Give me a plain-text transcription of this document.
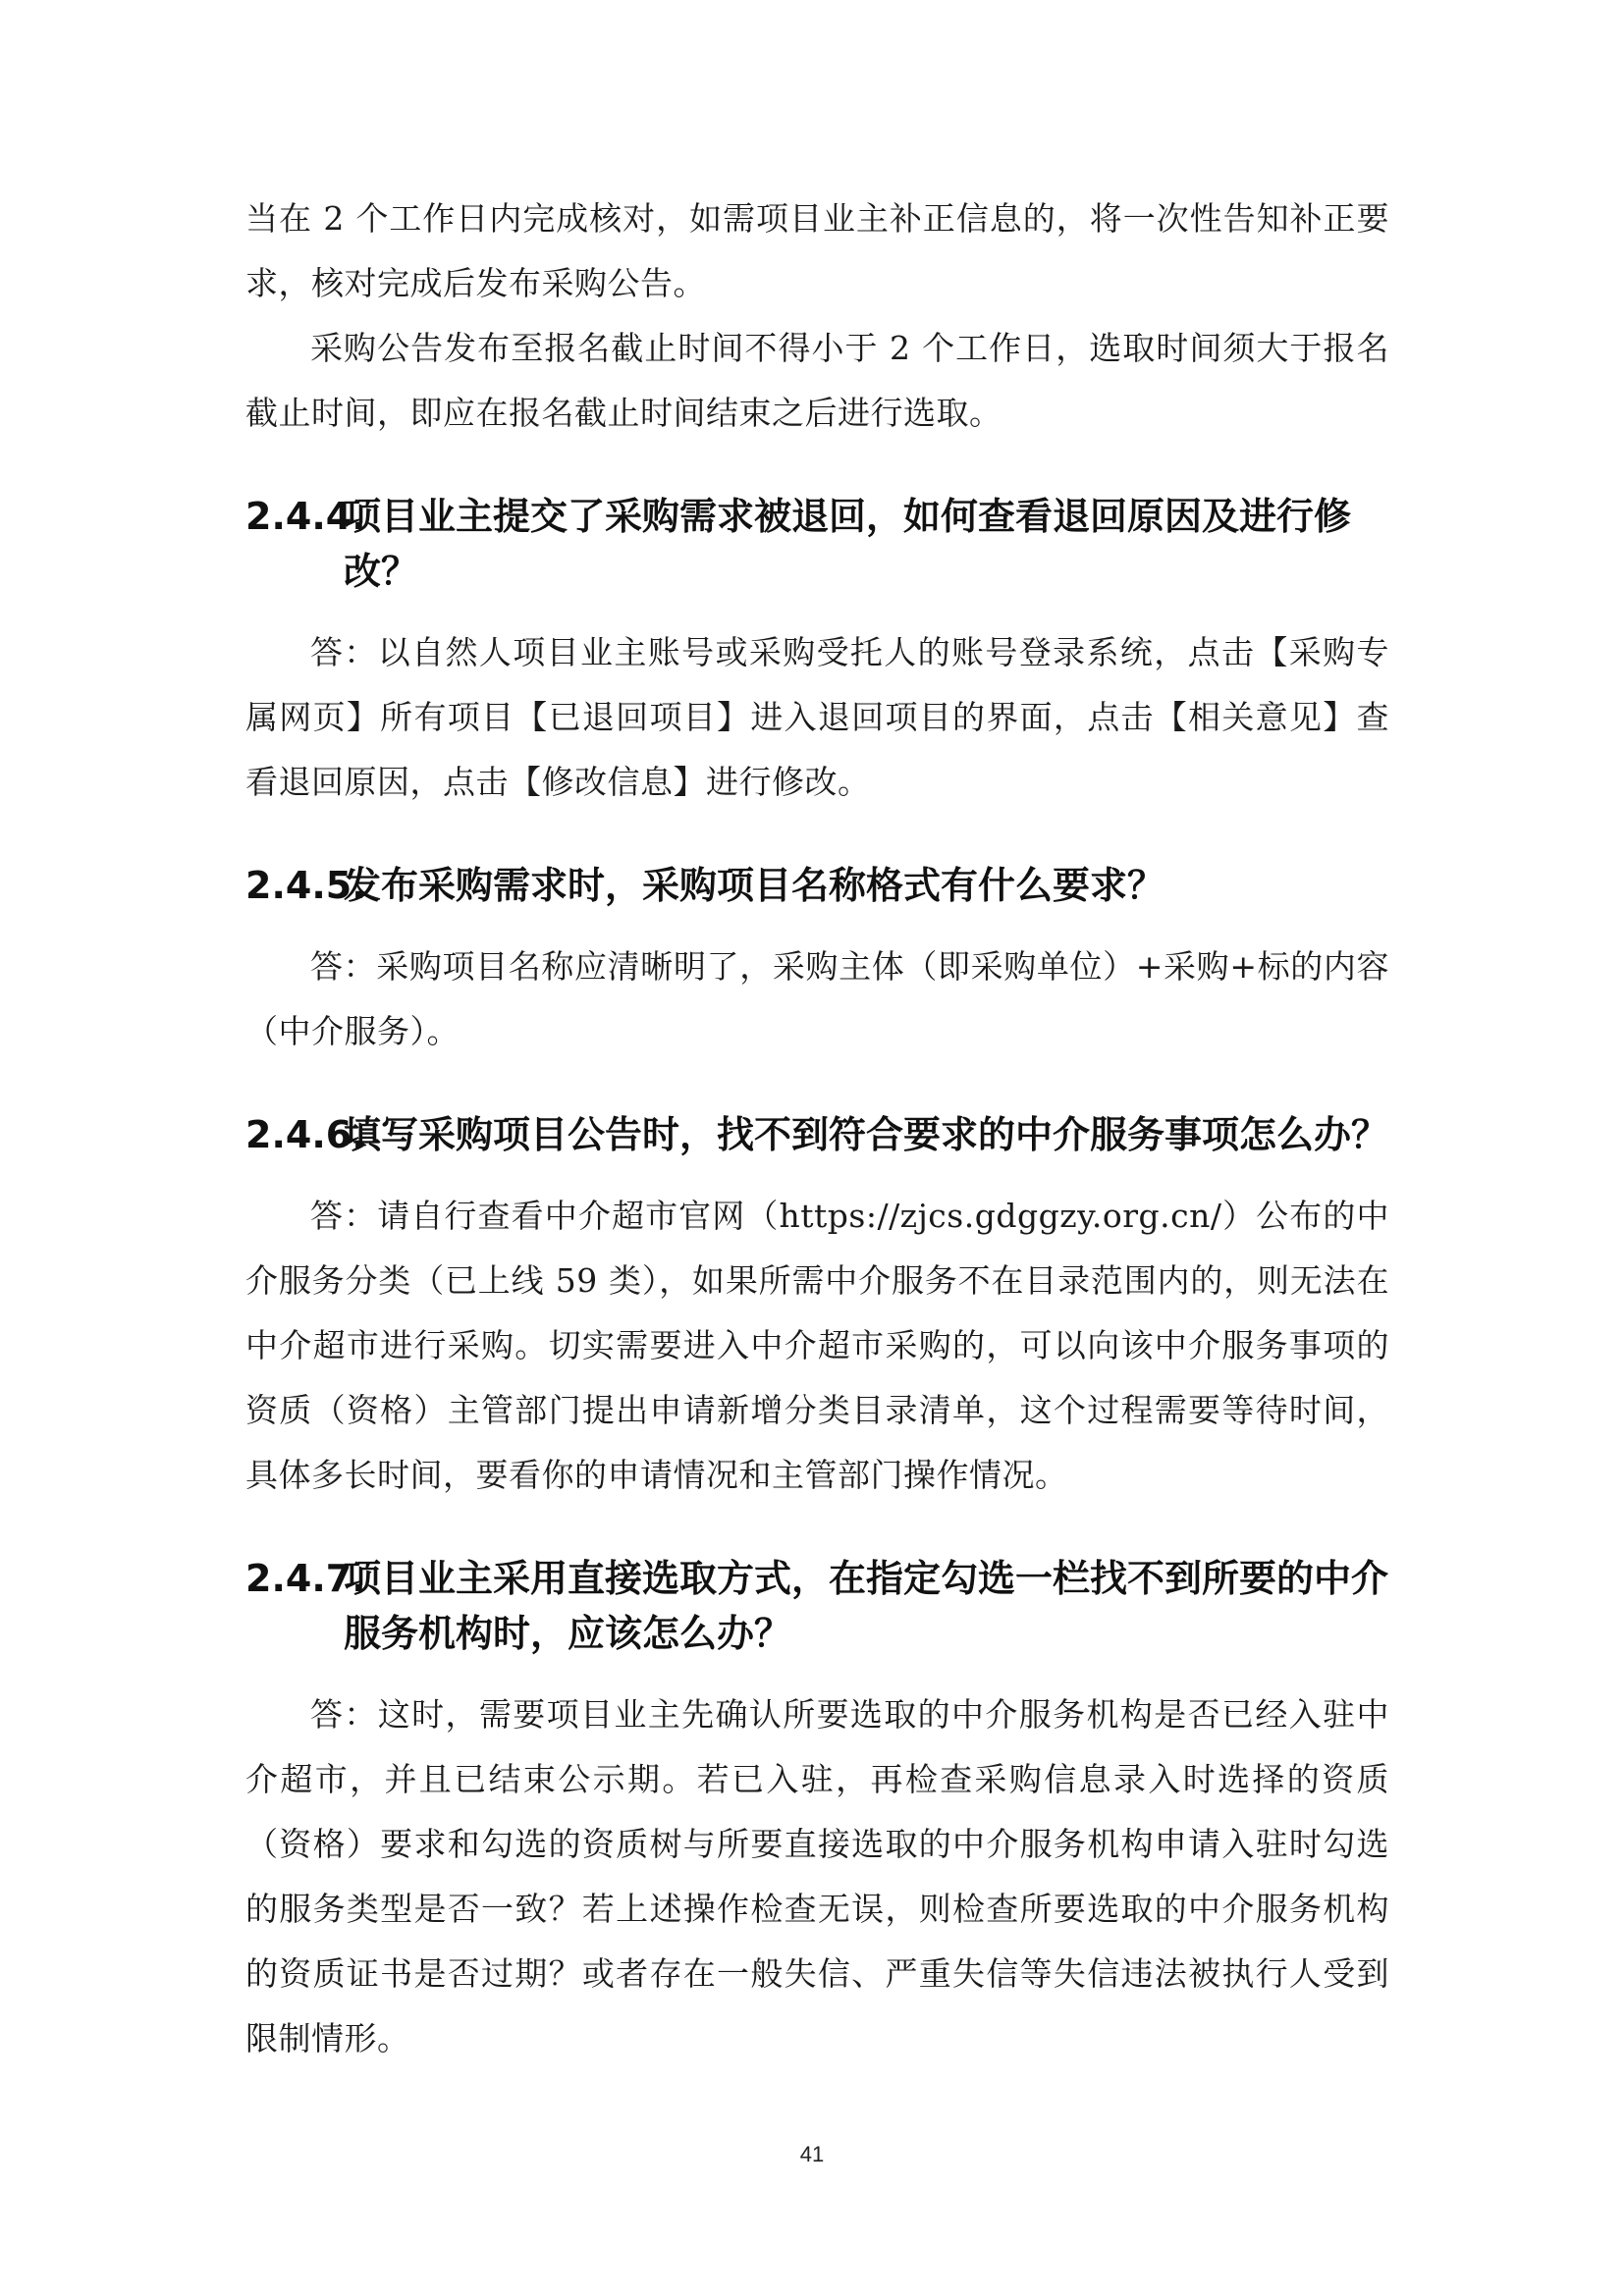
当在 2 个工作日内完成核对，如需项目业主补正信息的，将一次性告知补正要求，核对完成后发布采购公告。

采购公告发布至报名截止时间不得小于 2 个工作日，选取时间须大于报名截止时间，即应在报名截止时间结束之后进行选取。

2.4.4.项目业主提交了采购需求被退回，如何查看退回原因及进行修改？

答：以自然人项目业主账号或采购受托人的账号登录系统，点击【采购专属网页】所有项目【已退回项目】进入退回项目的界面，点击【相关意见】查看退回原因，点击【修改信息】进行修改。

2.4.5.发布采购需求时，采购项目名称格式有什么要求？

答：采购项目名称应清晰明了，采购主体（即采购单位）+采购+标的内容（中介服务）。

2.4.6.填写采购项目公告时，找不到符合要求的中介服务事项怎么办？

答：请自行查看中介超市官网（https://zjcs.gdggzy.org.cn/）公布的中介服务分类（已上线 59 类），如果所需中介服务不在目录范围内的，则无法在中介超市进行采购。切实需要进入中介超市采购的，可以向该中介服务事项的资质（资格）主管部门提出申请新增分类目录清单，这个过程需要等待时间，具体多长时间，要看你的申请情况和主管部门操作情况。

2.4.7.项目业主采用直接选取方式，在指定勾选一栏找不到所要的中介服务机构时，应该怎么办？

答：这时，需要项目业主先确认所要选取的中介服务机构是否已经入驻中介超市，并且已结束公示期。若已入驻，再检查采购信息录入时选择的资质（资格）要求和勾选的资质树与所要直接选取的中介服务机构申请入驻时勾选的服务类型是否一致？若上述操作检查无误，则检查所要选取的中介服务机构的资质证书是否过期？或者存在一般失信、严重失信等失信违法被执行人受到限制情形。

41
